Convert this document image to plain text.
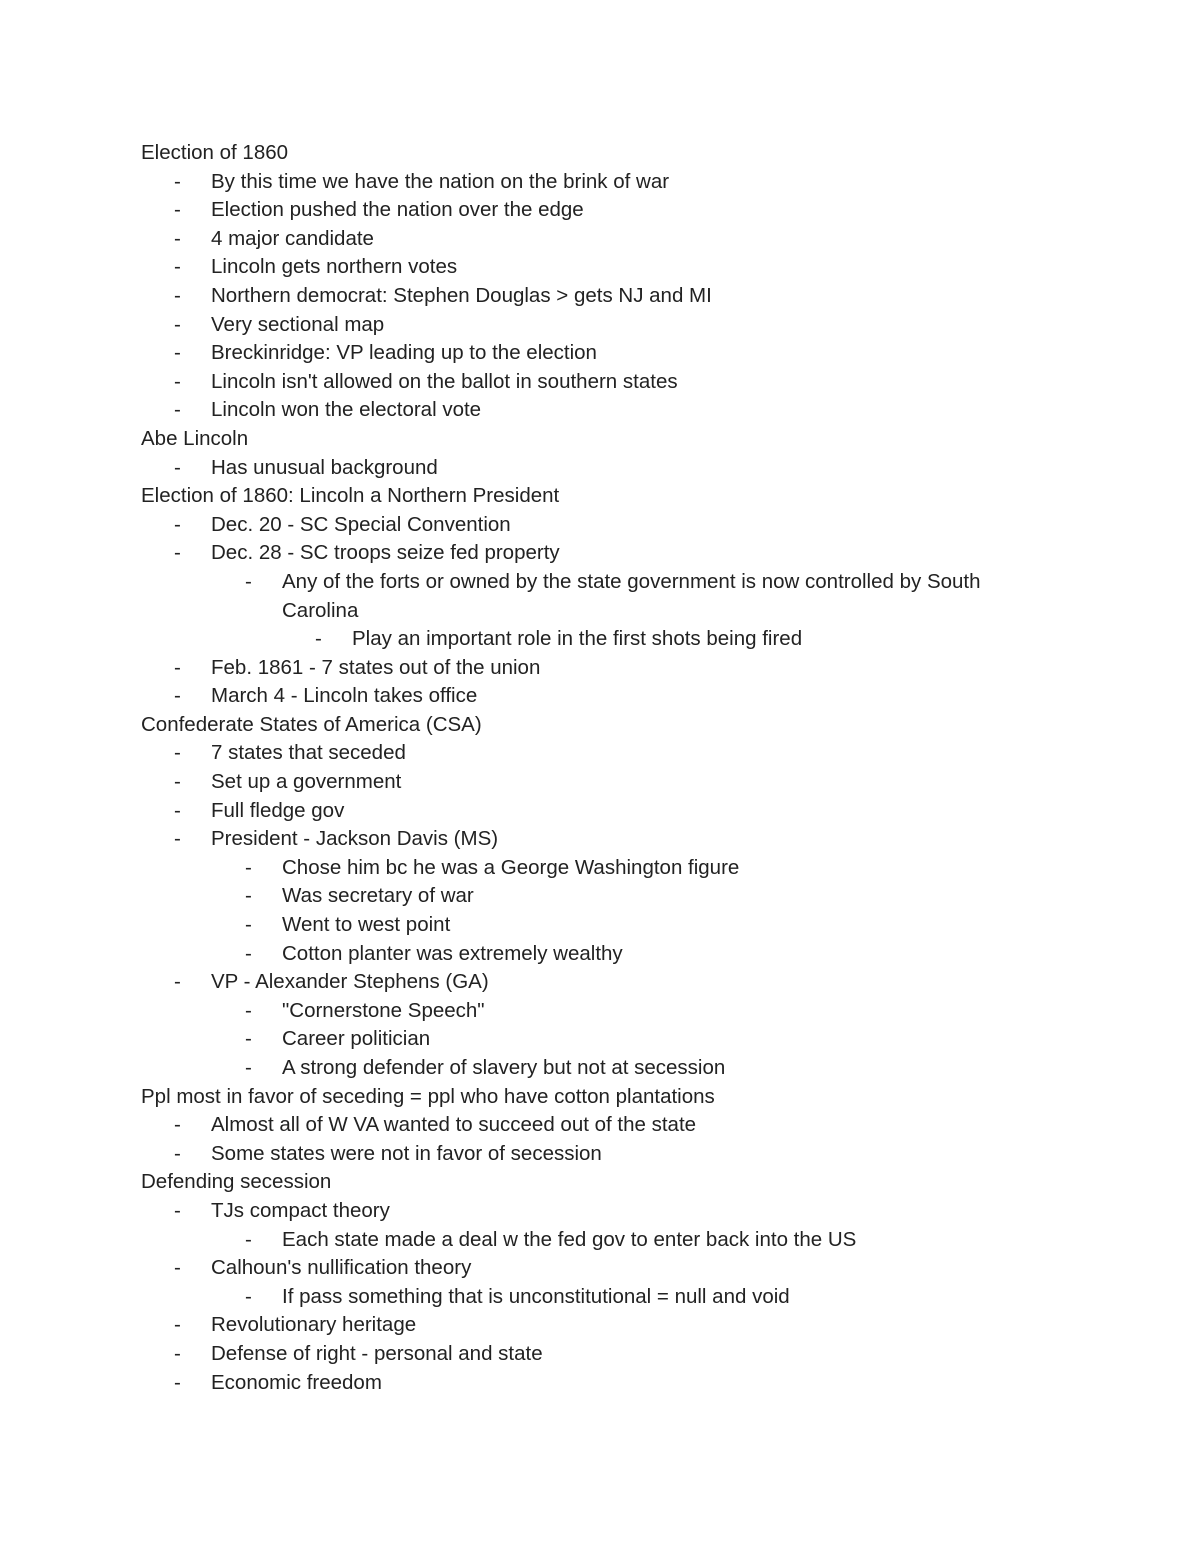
Election of 1860
- By this time we have the nation on the brink of war
- Election pushed the nation over the edge
- 4 major candidate
- Lincoln gets northern votes
- Northern democrat: Stephen Douglas > gets NJ and MI
- Very sectional map
- Breckinridge: VP leading up to the election
- Lincoln isn't allowed on the ballot in southern states
- Lincoln won the electoral vote
Abe Lincoln
- Has unusual background
Election of 1860: Lincoln a Northern President
- Dec. 20 - SC Special Convention
- Dec. 28 - SC troops seize fed property
- Any of the forts or owned by the state government is now controlled by South
Carolina
- Play an important role in the first shots being fired
- Feb. 1861 - 7 states out of the union
- March 4 - Lincoln takes office
Confederate States of America (CSA)
- 7 states that seceded
- Set up a government
- Full fledge gov
- President - Jackson Davis (MS)
- Chose him bc he was a George Washington figure
- Was secretary of war
- Went to west point
- Cotton planter was extremely wealthy
- VP - Alexander Stephens (GA)
- "Cornerstone Speech"
- Career politician
- A strong defender of slavery but not at secession
Ppl most in favor of seceding = ppl who have cotton plantations
- Almost all of W VA wanted to succeed out of the state
- Some states were not in favor of secession
Defending secession
- TJs compact theory
- Each state made a deal w the fed gov to enter back into the US
- Calhoun's nullification theory
- If pass something that is unconstitutional = null and void
- Revolutionary heritage
- Defense of right - personal and state
- Economic freedom
